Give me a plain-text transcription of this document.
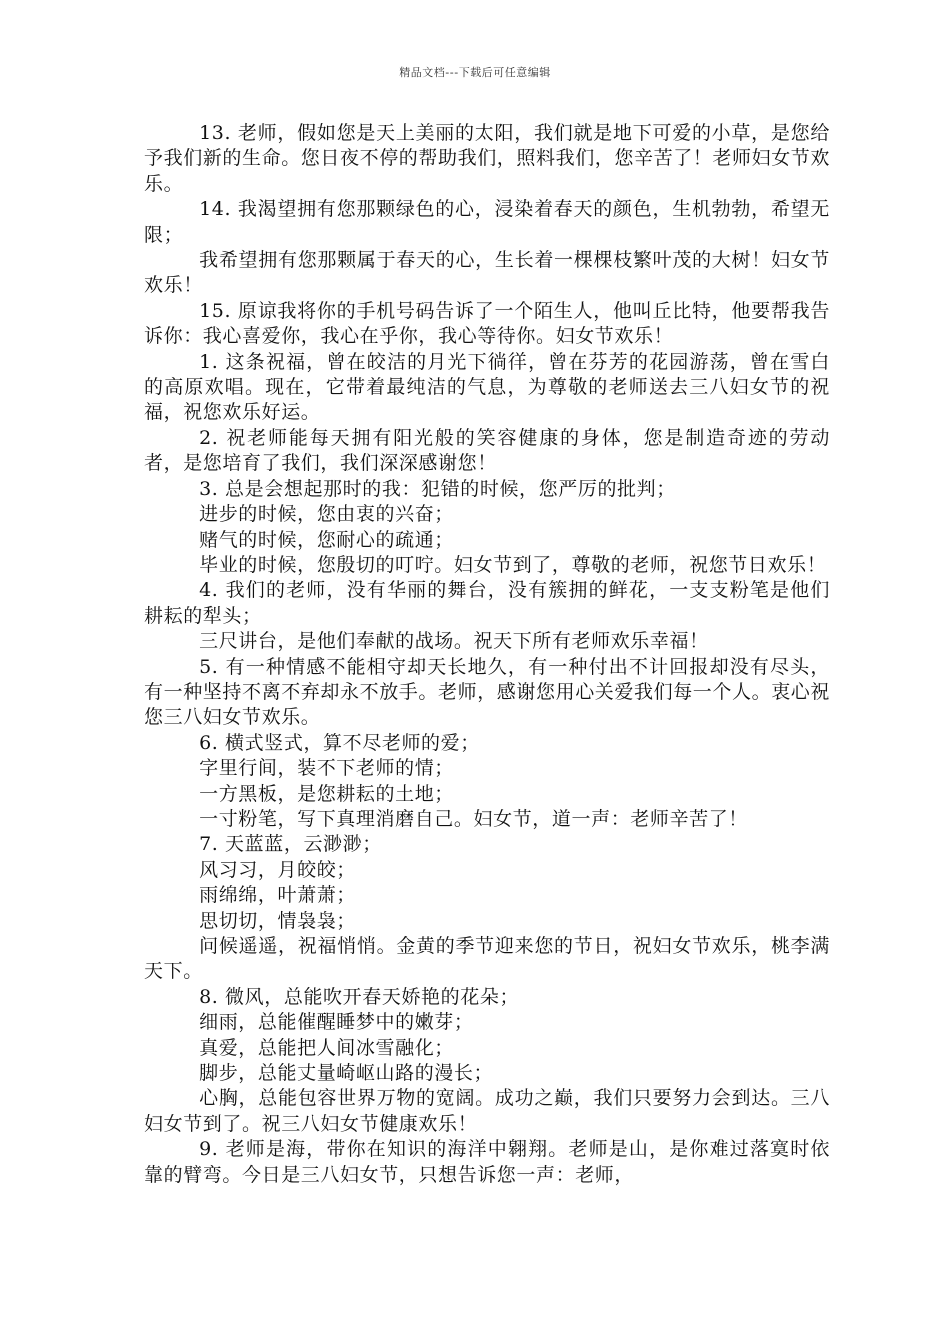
精品文档---下载后可任意编辑

13. 老师，假如您是天上美丽的太阳，我们就是地下可爱的小草，是您给予我们新的生命。您日夜不停的帮助我们，照料我们，您辛苦了！老师妇女节欢乐。

14. 我渴望拥有您那颗绿色的心，浸染着春天的颜色，生机勃勃，希望无限；

我希望拥有您那颗属于春天的心，生长着一棵棵枝繁叶茂的大树！妇女节欢乐！

15. 原谅我将你的手机号码告诉了一个陌生人，他叫丘比特，他要帮我告诉你：我心喜爱你，我心在乎你，我心等待你。妇女节欢乐！

1. 这条祝福，曾在皎洁的月光下徜徉，曾在芬芳的花园游荡，曾在雪白的高原欢唱。现在，它带着最纯洁的气息，为尊敬的老师送去三八妇女节的祝福，祝您欢乐好运。

2. 祝老师能每天拥有阳光般的笑容健康的身体，您是制造奇迹的劳动者，是您培育了我们，我们深深感谢您！

3. 总是会想起那时的我：犯错的时候，您严厉的批判；

进步的时候，您由衷的兴奋；

赌气的时候，您耐心的疏通；

毕业的时候，您殷切的叮咛。妇女节到了，尊敬的老师，祝您节日欢乐！

4. 我们的老师，没有华丽的舞台，没有簇拥的鲜花，一支支粉笔是他们耕耘的犁头；

三尺讲台，是他们奉献的战场。祝天下所有老师欢乐幸福！

5. 有一种情感不能相守却天长地久，有一种付出不计回报却没有尽头，有一种坚持不离不弃却永不放手。老师，感谢您用心关爱我们每一个人。衷心祝您三八妇女节欢乐。

6. 横式竖式，算不尽老师的爱；

字里行间，装不下老师的情；

一方黑板，是您耕耘的土地；

一寸粉笔，写下真理消磨自己。妇女节，道一声：老师辛苦了！

7. 天蓝蓝，云渺渺；

风习习，月皎皎；

雨绵绵，叶萧萧；

思切切，情袅袅；

问候遥遥，祝福悄悄。金黄的季节迎来您的节日，祝妇女节欢乐，桃李满天下。

8. 微风，总能吹开春天娇艳的花朵；

细雨，总能催醒睡梦中的嫩芽；

真爱，总能把人间冰雪融化；

脚步，总能丈量崎岖山路的漫长；

心胸，总能包容世界万物的宽阔。成功之巅，我们只要努力会到达。三八妇女节到了。祝三八妇女节健康欢乐！

9. 老师是海，带你在知识的海洋中翱翔。老师是山，是你难过落寞时依靠的臂弯。今日是三八妇女节，只想告诉您一声：老师，
